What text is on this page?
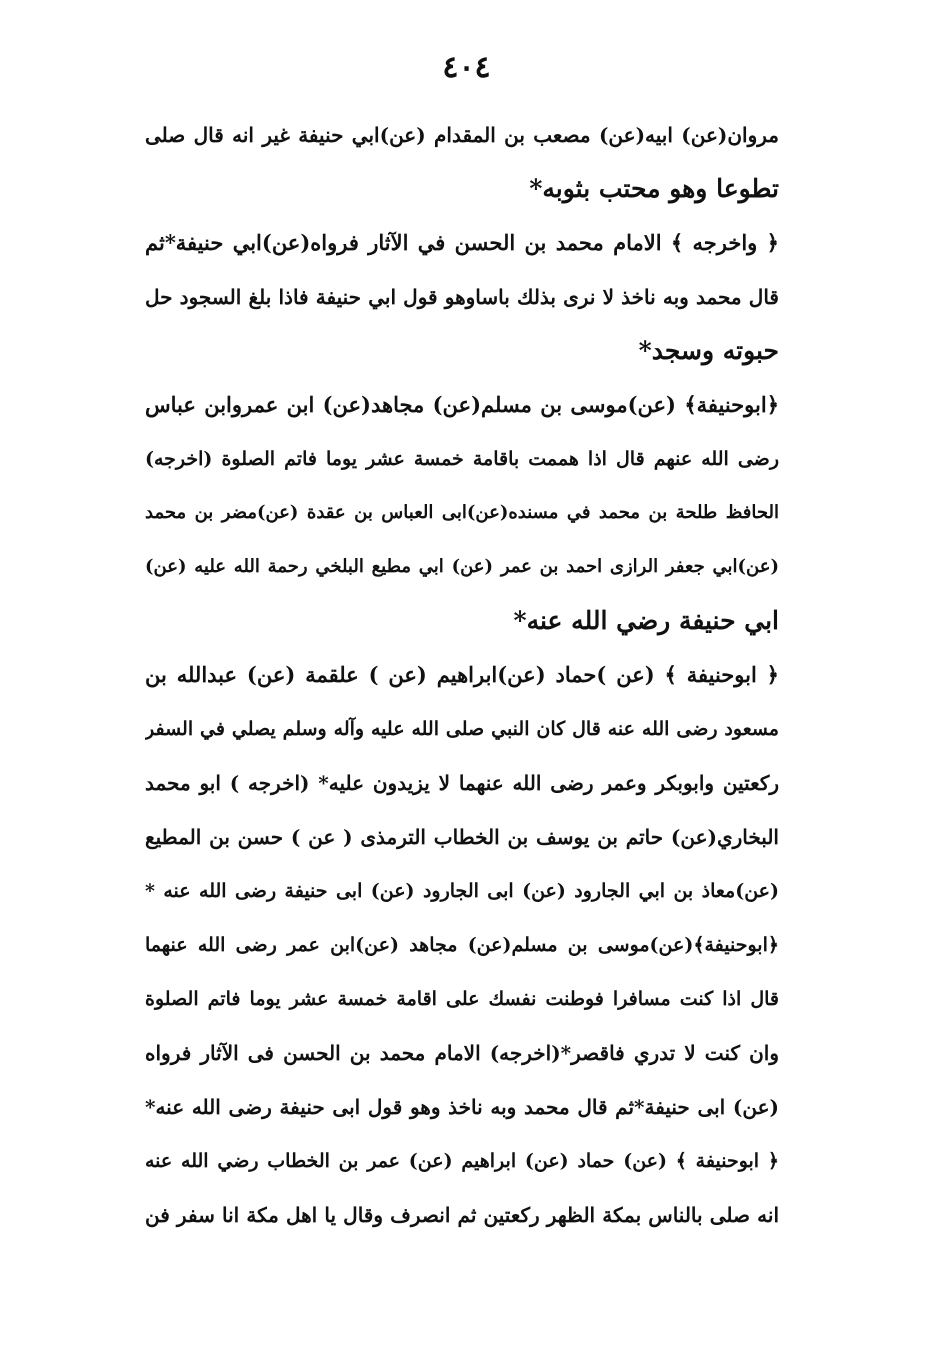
٤٠٤
مروان(عن) ابيه(عن) مصعب بن المقدام (عن)ابي حنيفة غير انه قال صلى
تطوعا وهو محتب بثوبه*
﴿ واخرجه ﴾ الامام محمد بن الحسن في الآثار فرواه(عن)ابي حنيفة*ثم
قال محمد وبه ناخذ لا نرى بذلك باساوهو قول ابي حنيفة فاذا بلغ السجود حل
حبوته وسجد*
﴿ابوحنيفة﴾ (عن)موسى بن مسلم(عن) مجاهد(عن) ابن عمروابن عباس
رضى الله عنهم قال اذا هممت باقامة خمسة عشر يوما فاتم الصلوة (اخرجه)
الحافظ طلحة بن محمد في مسنده(عن)ابى العباس بن عقدة (عن)مضر بن محمد
(عن)ابي جعفر الرازى احمد بن عمر (عن) ابي مطيع البلخي رحمة الله عليه (عن)
ابي حنيفة رضي الله عنه*
﴿ ابوحنيفة ﴾ (عن )حماد (عن)ابراهيم (عن ) علقمة (عن) عبدالله بن
مسعود رضى الله عنه قال كان النبي صلى الله عليه وآله وسلم يصلي في السفر
ركعتين وابوبكر وعمر رضى الله عنهما لا يزيدون عليه* (اخرجه ) ابو محمد
البخاري(عن) حاتم بن يوسف بن الخطاب الترمذى ( عن ) حسن بن المطيع
(عن)معاذ بن ابي الجارود (عن) ابى الجارود (عن) ابى حنيفة رضى الله عنه *
﴿ابوحنيفة﴾(عن)موسى بن مسلم(عن) مجاهد (عن)ابن عمر رضى الله عنهما
قال اذا كنت مسافرا فوطنت نفسك على اقامة خمسة عشر يوما فاتم الصلوة
وان كنت لا تدري فاقصر*(اخرجه) الامام محمد بن الحسن فى الآثار فرواه
(عن) ابى حنيفة*ثم قال محمد وبه ناخذ وهو قول ابى حنيفة رضى الله عنه*
﴿ ابوحنيفة ﴾ (عن) حماد (عن) ابراهيم (عن) عمر بن الخطاب رضي الله عنه
انه صلى بالناس بمكة الظهر ركعتين ثم انصرف وقال يا اهل مكة انا سفر فن
